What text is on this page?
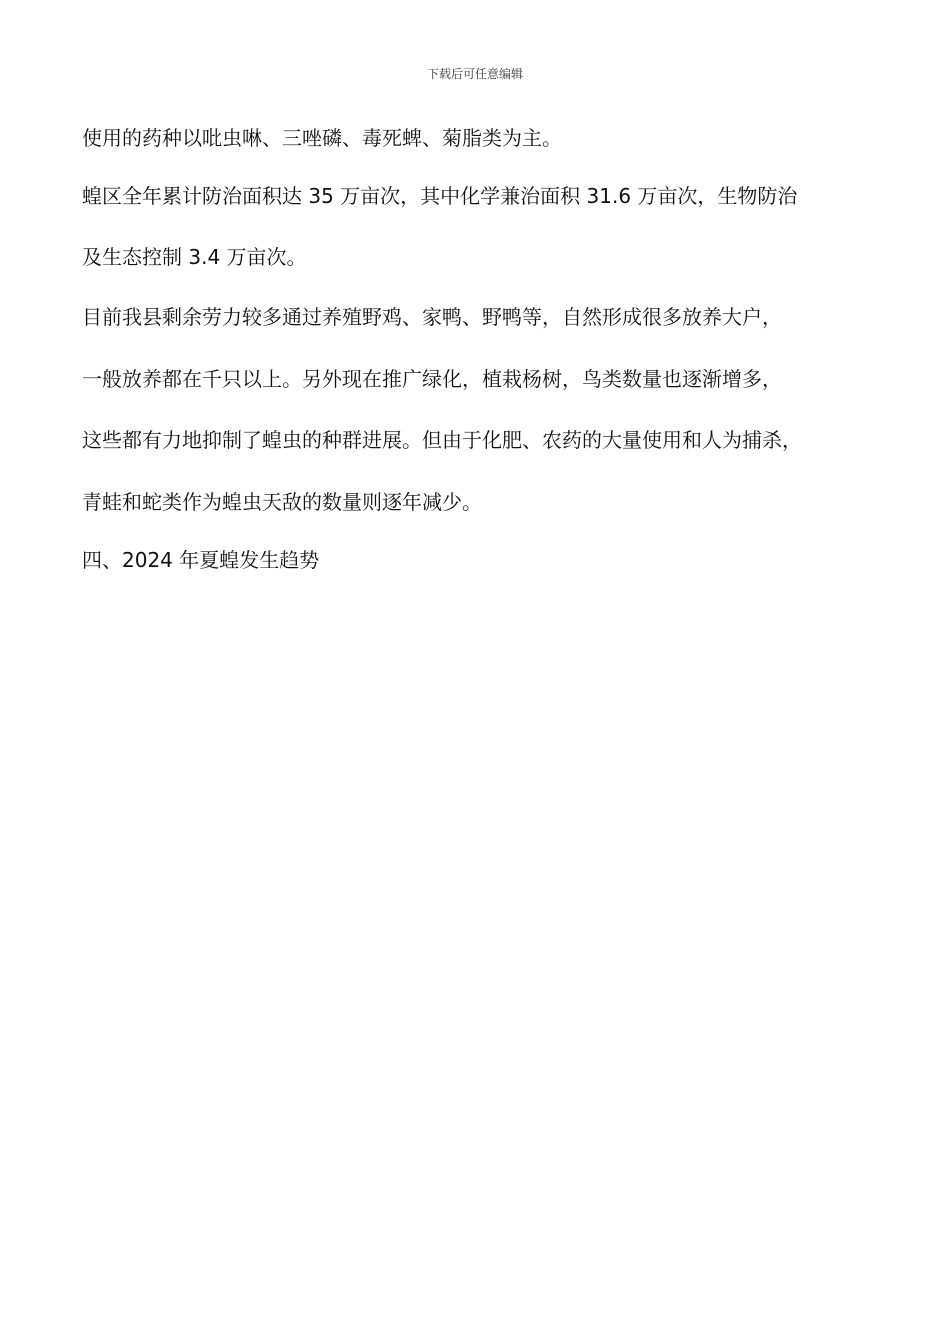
下载后可任意编辑
使用的药种以吡虫啉、三唑磷、毒死蜱、菊脂类为主。
蝗区全年累计防治面积达 35 万亩次，其中化学兼治面积 31.6 万亩次，生物防治
及生态控制 3.4 万亩次。
目前我县剩余劳力较多通过养殖野鸡、家鸭、野鸭等，自然形成很多放养大户，
一般放养都在千只以上。另外现在推广绿化，植栽杨树，鸟类数量也逐渐增多，
这些都有力地抑制了蝗虫的种群进展。但由于化肥、农药的大量使用和人为捕杀，
青蛙和蛇类作为蝗虫天敌的数量则逐年减少。
四、2024 年夏蝗发生趋势
